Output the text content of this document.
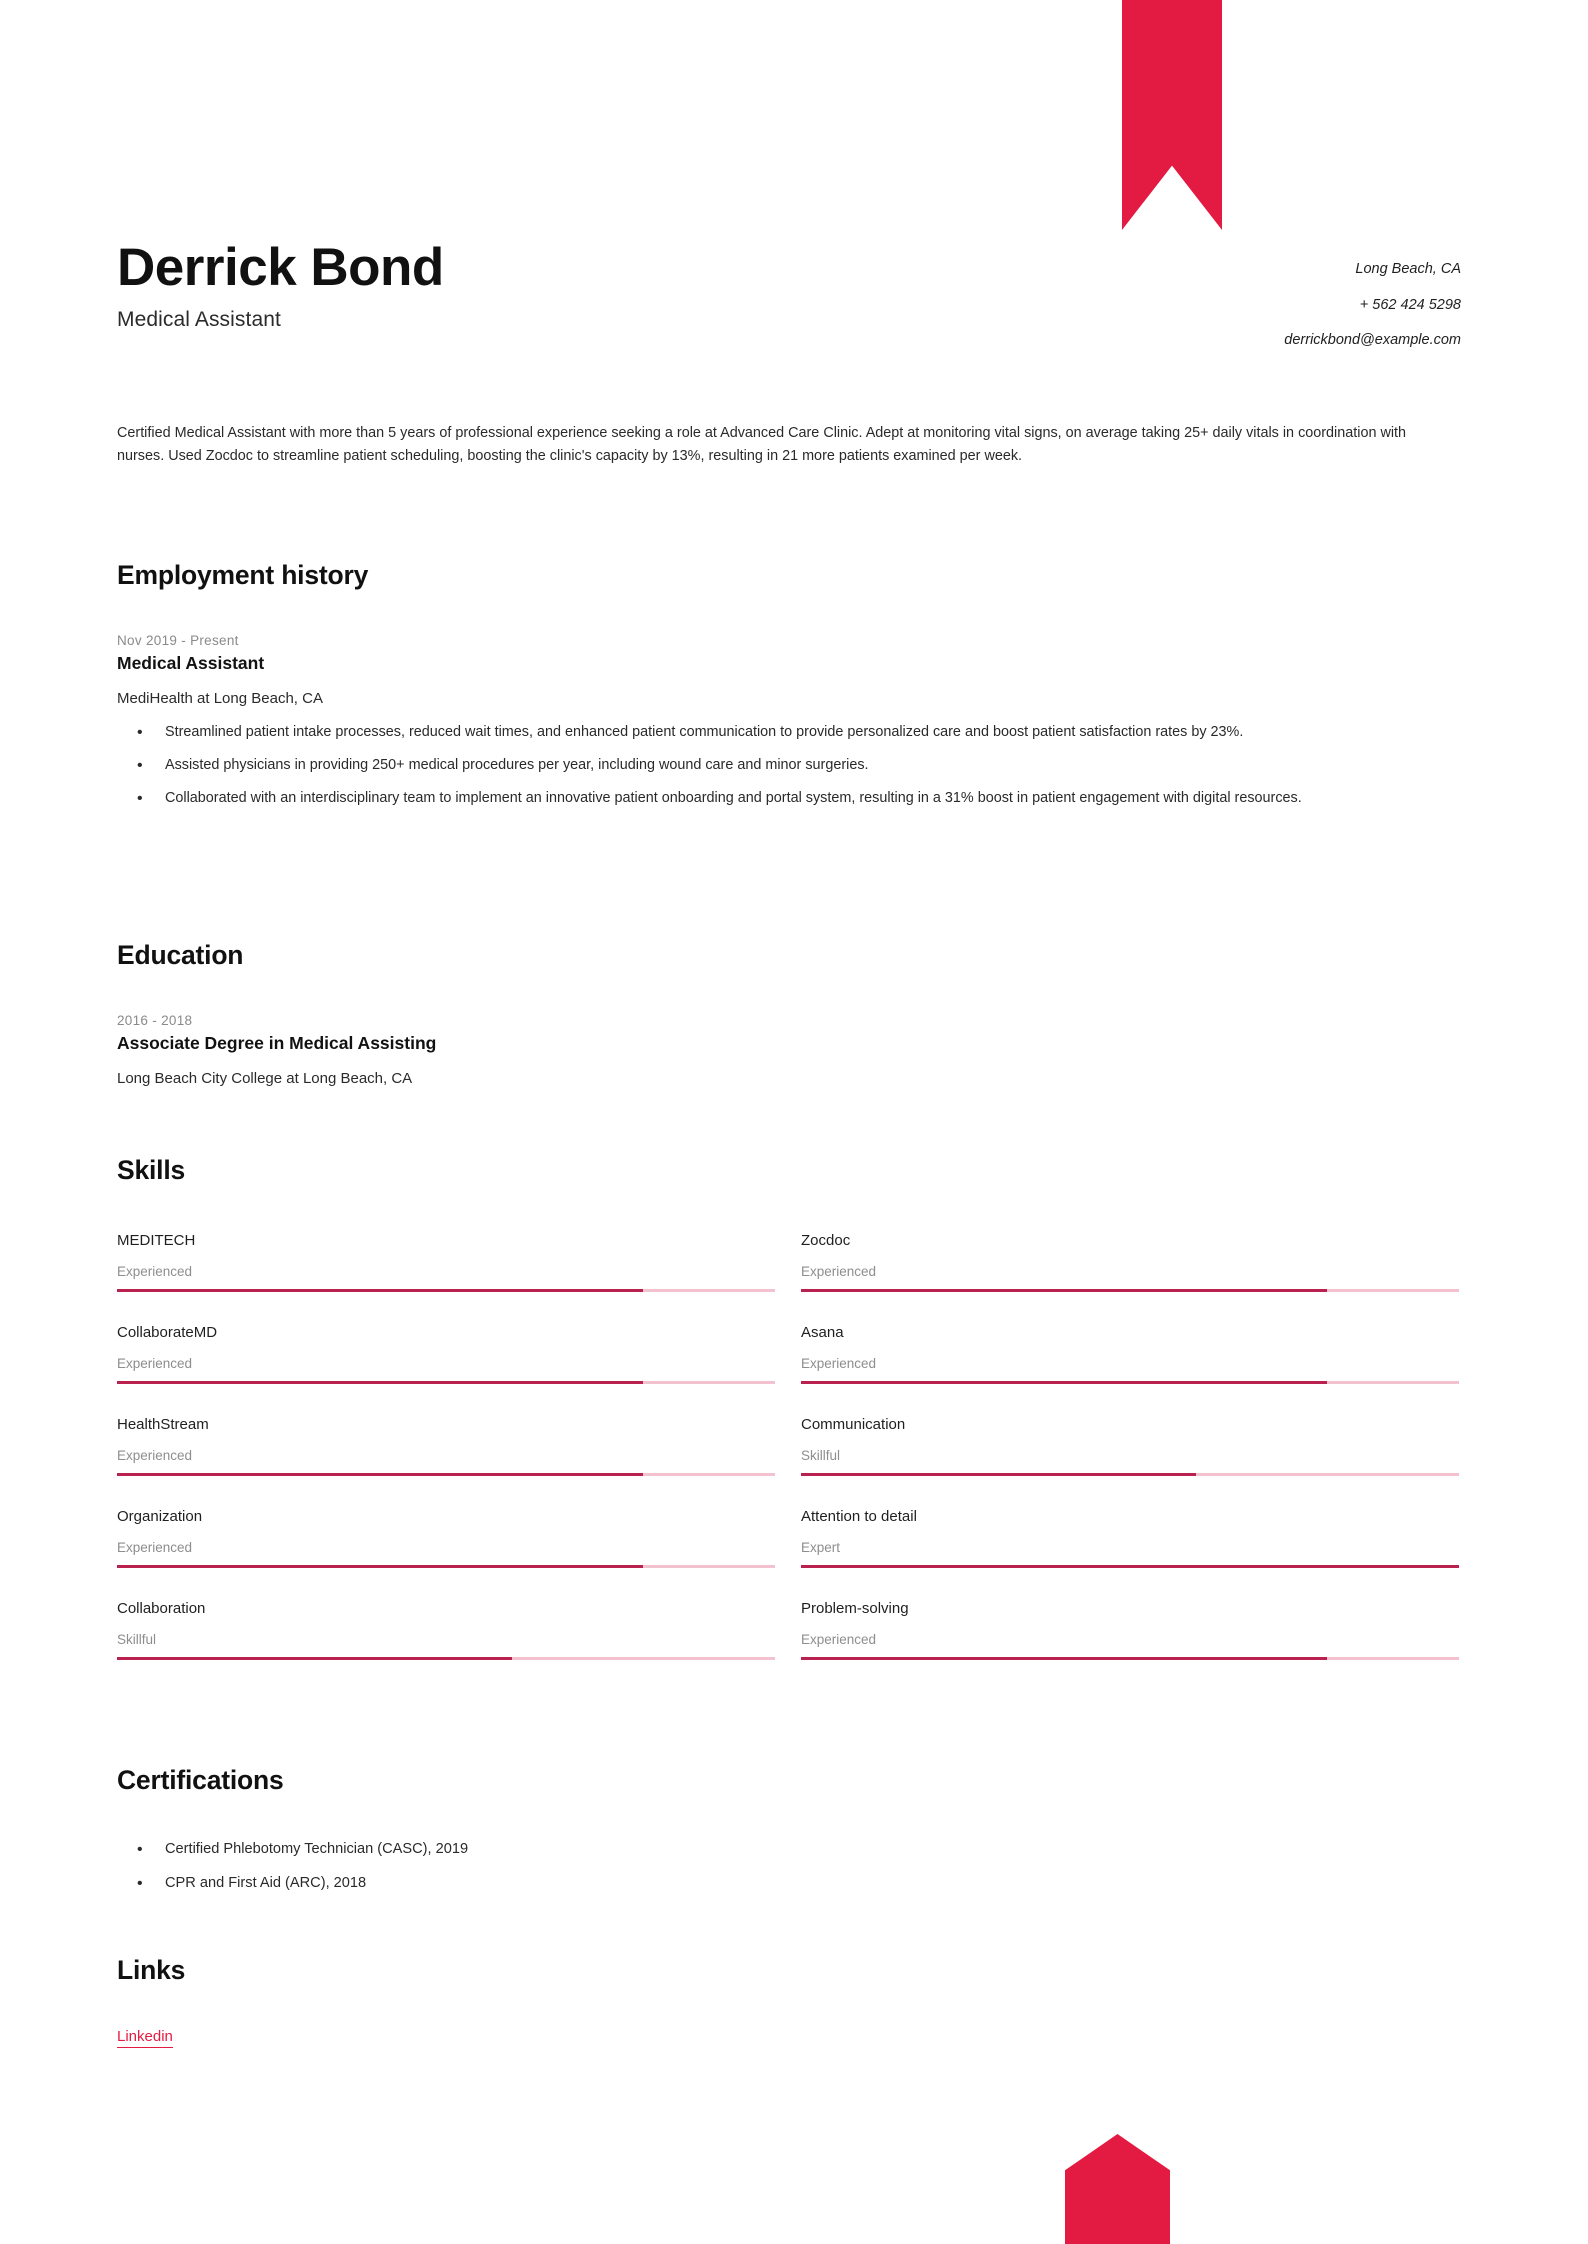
Derrick Bond
Medical Assistant
Long Beach, CA
+ 562 424 5298
derrickbond@example.com
Certified Medical Assistant with more than 5 years of professional experience seeking a role at Advanced Care Clinic. Adept at monitoring vital signs, on average taking 25+ daily vitals in coordination with nurses. Used Zocdoc to streamline patient scheduling, boosting the clinic's capacity by 13%, resulting in 21 more patients examined per week.
Employment history
Nov 2019 - Present
Medical Assistant
MediHealth at Long Beach, CA
• Streamlined patient intake processes, reduced wait times, and enhanced patient communication to provide personalized care and boost patient satisfaction rates by 23%.
• Assisted physicians in providing 250+ medical procedures per year, including wound care and minor surgeries.
• Collaborated with an interdisciplinary team to implement an innovative patient onboarding and portal system, resulting in a 31% boost in patient engagement with digital resources.
Education
2016 - 2018
Associate Degree in Medical Assisting
Long Beach City College at Long Beach, CA
Skills
MEDITECH
Experienced
Zocdoc
Experienced
CollaborateMD
Experienced
Asana
Experienced
HealthStream
Experienced
Communication
Skillful
Organization
Experienced
Attention to detail
Expert
Collaboration
Skillful
Problem-solving
Experienced
Certifications
• Certified Phlebotomy Technician (CASC), 2019
• CPR and First Aid (ARC), 2018
Links
Linkedin
